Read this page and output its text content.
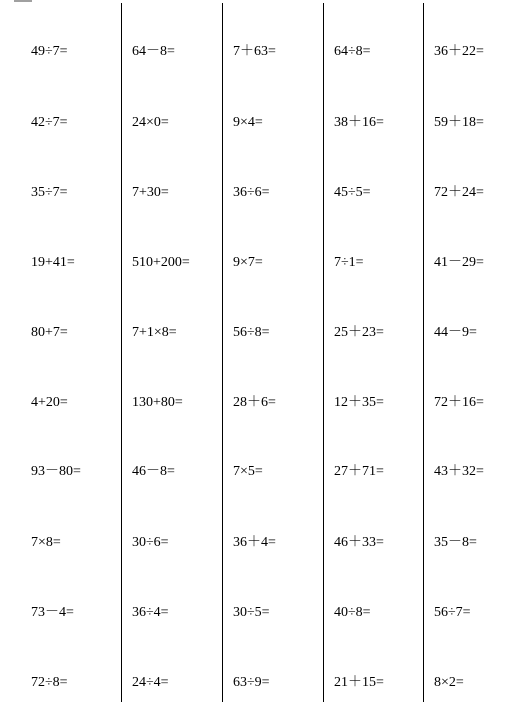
49÷7=
42÷7=
35÷7=
19+41=
80+7=
4+20=
93－80=
7×8=
73－4=
72÷8=
64－8=
24×0=
7+30=
510+200=
7+1×8=
130+80=
46－8=
30÷6=
36÷4=
24÷4=
7＋63=
9×4=
36÷6=
9×7=
56÷8=
28＋6=
7×5=
36＋4=
30÷5=
63÷9=
64÷8=
38＋16=
45÷5=
7÷1=
25＋23=
12＋35=
27＋71=
46＋33=
40÷8=
21＋15=
36＋22=
59＋18=
72＋24=
41－29=
44－9=
72＋16=
43＋32=
35－8=
56÷7=
8×2=
